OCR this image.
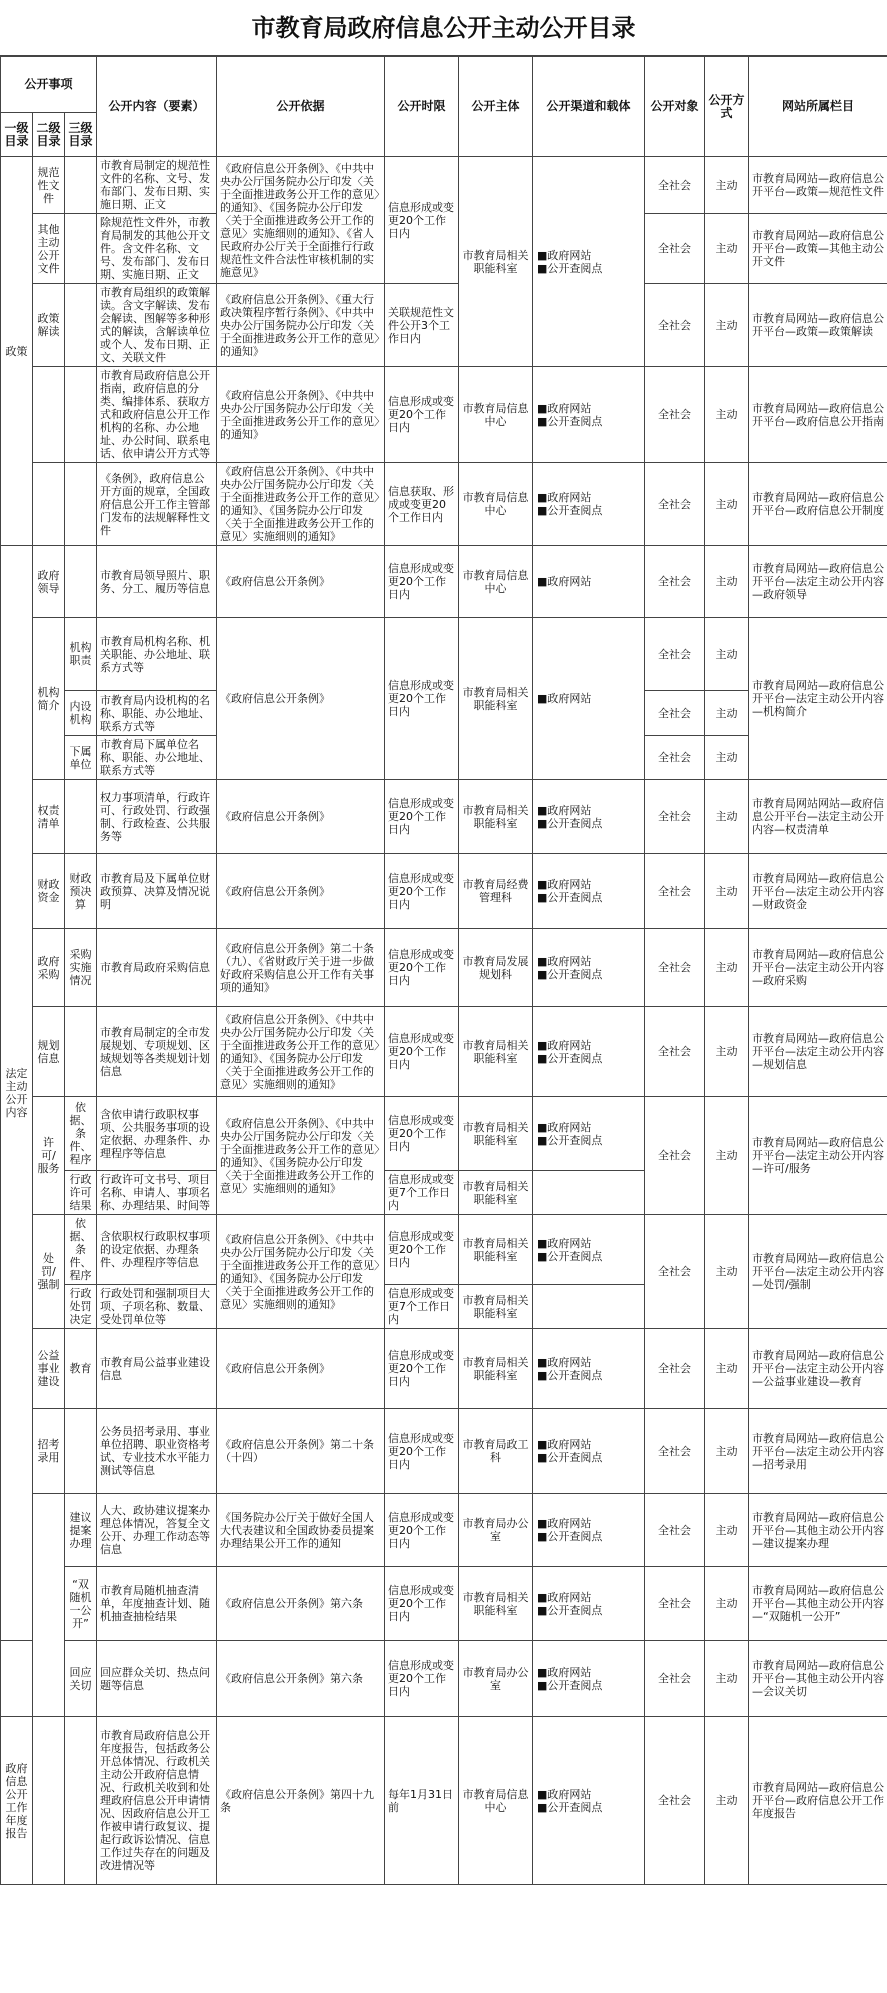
市教育局政府信息公开主动公开目录
公开事项			公开内容（要素）	公开依据	公开时限	公开主体	公开渠道和载体	公开对象	公开方式	网站所属栏目
一级目录	二级目录	三级目录								
政策	规范性文件		市教育局制定的规范性文件的名称、文号、发布部门、发布日期、实施日期、正文	《政府信息公开条例》、《中共中央办公厅国务院办公厅印发〈关于全面推进政务公开工作的意见〉的通知》、《国务院办公厅印发〈关于全面推进政务公开工作的意见〉实施细则的通知》、《省人民政府办公厅关于全面推行行政规范性文件合法性审核机制的实施意见》	信息形成或变更20个工作日内	市教育局相关职能科室	■政府网站
■公开查阅点	全社会	主动	市教育局网站—政府信息公开平台—政策—规范性文件
	其他主动公开文件		除规范性文件外，市教育局制发的其他公开文件。含文件名称、文号、发布部门、发布日期、实施日期、正文					全社会	主动	市教育局网站—政府信息公开平台—政策—其他主动公开文件
	政策解读		市教育局组织的政策解读。含文字解读、发布会解读、图解等多种形式的解读，含解读单位或个人、发布日期、正文、关联文件	《政府信息公开条例》、《重大行政决策程序暂行条例》、《中共中央办公厅国务院办公厅印发〈关于全面推进政务公开工作的意见〉的通知》	关联规范性文件公开3个工作日内			全社会	主动	市教育局网站—政府信息公开平台—政策—政策解读
			市教育局政府信息公开指南，政府信息的分类、编排体系、获取方式和政府信息公开工作机构的名称、办公地址、办公时间、联系电话、依申请公开方式等	《政府信息公开条例》、《中共中央办公厅国务院办公厅印发〈关于全面推进政务公开工作的意见〉的通知》	信息形成或变更20个工作日内	市教育局信息中心	■政府网站
■公开查阅点	全社会	主动	市教育局网站—政府信息公开平台—政府信息公开指南
			《条例》，政府信息公开方面的规章，全国政府信息公开工作主管部门发布的法规解释性文件	《政府信息公开条例》、《中共中央办公厅国务院办公厅印发〈关于全面推进政务公开工作的意见〉的通知》、《国务院办公厅印发〈关于全面推进政务公开工作的意见〉实施细则的通知》	信息获取、形成或变更20个工作日内	市教育局信息中心	■政府网站
■公开查阅点	全社会	主动	市教育局网站—政府信息公开平台—政府信息公开制度
法定主动公开内容	政府领导		市教育局领导照片、职务、分工、履历等信息	《政府信息公开条例》	信息形成或变更20个工作日内	市教育局信息中心	■政府网站	全社会	主动	市教育局网站—政府信息公开平台—法定主动公开内容—政府领导
	机构简介	机构职责	市教育局机构名称、机关职能、办公地址、联系方式等	《政府信息公开条例》	信息形成或变更20个工作日内	市教育局相关职能科室	■政府网站	全社会	主动	市教育局网站—政府信息公开平台—法定主动公开内容—机构简介
		内设机构	市教育局内设机构的名称、职能、办公地址、联系方式等					全社会	主动	
		下属单位	市教育局下属单位名称、职能、办公地址、联系方式等					全社会	主动	
	权责清单		权力事项清单，行政许可、行政处罚、行政强制、行政检查、公共服务等	《政府信息公开条例》	信息形成或变更20个工作日内	市教育局相关职能科室	■政府网站
■公开查阅点	全社会	主动	市教育局网站网站—政府信息公开平台—法定主动公开内容—权责清单
	财政资金	财政预决算	市教育局及下属单位财政预算、决算及情况说明	《政府信息公开条例》	信息形成或变更20个工作日内	市教育局经费管理科	■政府网站
■公开查阅点	全社会	主动	市教育局网站—政府信息公开平台—法定主动公开内容—财政资金
	政府采购	采购实施情况	市教育局政府采购信息	《政府信息公开条例》第二十条（九）、《省财政厅关于进一步做好政府采购信息公开工作有关事项的通知》	信息形成或变更20个工作日内	市教育局发展规划科	■政府网站
■公开查阅点	全社会	主动	市教育局网站—政府信息公开平台—法定主动公开内容—政府采购
	规划信息		市教育局制定的全市发展规划、专项规划、区域规划等各类规划计划信息	《政府信息公开条例》、《中共中央办公厅国务院办公厅印发〈关于全面推进政务公开工作的意见〉的通知》、《国务院办公厅印发〈关于全面推进政务公开工作的意见〉实施细则的通知》	信息形成或变更20个工作日内	市教育局相关职能科室	■政府网站
■公开查阅点	全社会	主动	市教育局网站—政府信息公开平台—法定主动公开内容—规划信息
	许可/服务	依据、条件、程序	含依申请行政职权事项、公共服务事项的设定依据、办理条件、办理程序等信息	《政府信息公开条例》、《中共中央办公厅国务院办公厅印发〈关于全面推进政务公开工作的意见〉的通知》、《国务院办公厅印发〈关于全面推进政务公开工作的意见〉实施细则的通知》	信息形成或变更20个工作日内	市教育局相关职能科室	■政府网站
■公开查阅点	全社会	主动	市教育局网站—政府信息公开平台—法定主动公开内容—许可/服务
		行政许可结果	行政许可文书号、项目名称、申请人、事项名称、办理结果、时间等		信息形成或变更7个工作日内	市教育局相关职能科室				
	处罚/强制	依据、条件、程序	含依职权行政职权事项的设定依据、办理条件、办理程序等信息	《政府信息公开条例》、《中共中央办公厅国务院办公厅印发〈关于全面推进政务公开工作的意见〉的通知》、《国务院办公厅印发〈关于全面推进政务公开工作的意见〉实施细则的通知》	信息形成或变更20个工作日内	市教育局相关职能科室	■政府网站
■公开查阅点	全社会	主动	市教育局网站—政府信息公开平台—法定主动公开内容—处罚/强制
		行政处罚决定	行政处罚和强制项目大项、子项名称、数量、受处罚单位等		信息形成或变更7个工作日内	市教育局相关职能科室				
	公益事业建设	教育	市教育局公益事业建设信息	《政府信息公开条例》	信息形成或变更20个工作日内	市教育局相关职能科室	■政府网站
■公开查阅点	全社会	主动	市教育局网站—政府信息公开平台—法定主动公开内容—公益事业建设—教育
	招考录用		公务员招考录用、事业单位招聘、职业资格考试、专业技术水平能力测试等信息	《政府信息公开条例》第二十条（十四）	信息形成或变更20个工作日内	市教育局政工科	■政府网站
■公开查阅点	全社会	主动	市教育局网站—政府信息公开平台—法定主动公开内容—招考录用
		建议提案办理	人大、政协建议提案办理总体情况，答复全文公开、办理工作动态等信息	《国务院办公厅关于做好全国人大代表建议和全国政协委员提案办理结果公开工作的通知	信息形成或变更20个工作日内	市教育局办公室	■政府网站
■公开查阅点	全社会	主动	市教育局网站—政府信息公开平台—其他主动公开内容—建议提案办理
		“双随机一公开”	市教育局随机抽查清单，年度抽查计划、随机抽查抽检结果	《政府信息公开条例》第六条	信息形成或变更20个工作日内	市教育局相关职能科室	■政府网站
■公开查阅点	全社会	主动	市教育局网站—政府信息公开平台—其他主动公开内容—“双随机一公开”
		回应关切	回应群众关切、热点问题等信息	《政府信息公开条例》第六条	信息形成或变更20个工作日内	市教育局办公室	■政府网站
■公开查阅点	全社会	主动	市教育局网站—政府信息公开平台—其他主动公开内容—会议关切
政府信息公开工作年度报告			市教育局政府信息公开年度报告，包括政务公开总体情况、行政机关主动公开政府信息情况、行政机关收到和处理政府信息公开申请情况、因政府信息公开工作被申请行政复议、提起行政诉讼情况、信息工作过失存在的问题及改进情况等	《政府信息公开条例》第四十九条	每年1月31日前	市教育局信息中心	■政府网站
■公开查阅点	全社会	主动	市教育局网站—政府信息公开平台—政府信息公开工作年度报告
